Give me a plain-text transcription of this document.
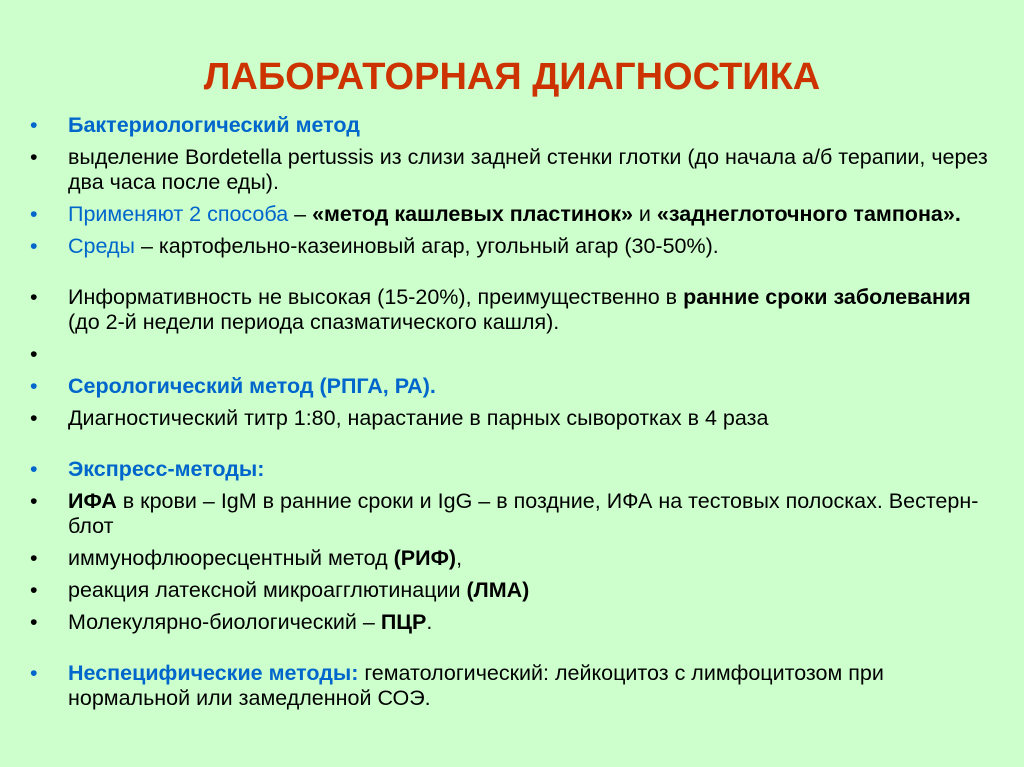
ЛАБОРАТОРНАЯ ДИАГНОСТИКА
• Бактериологический метод
• выделение Bordetella pertussis из слизи задней стенки глотки (до начала а/б терапии, через два часа после еды).
• Применяют 2 способа – «метод кашлевых пластинок» и «заднеглоточного тампона».
• Среды – картофельно-казеиновый агар, угольный агар (30-50%).
• Информативность не высокая (15-20%), преимущественно в ранние сроки заболевания (до 2-й недели периода спазматического кашля).
•

• Серологический метод (РПГА, РА).
• Диагностический титр 1:80, нарастание в парных сыворотках в 4 раза
• Экспресс-методы:
• ИФА в крови – IgM в ранние сроки и IgG – в поздние, ИФА на тестовых полосках. Вестерн-блот
• иммунофлюоресцентный метод (РИФ),
• реакция латексной микроагглютинации (ЛМА)
• Молекулярно-биологический – ПЦР.
• Неспецифические методы: гематологический: лейкоцитоз с лимфоцитозом при нормальной или замедленной СОЭ.
